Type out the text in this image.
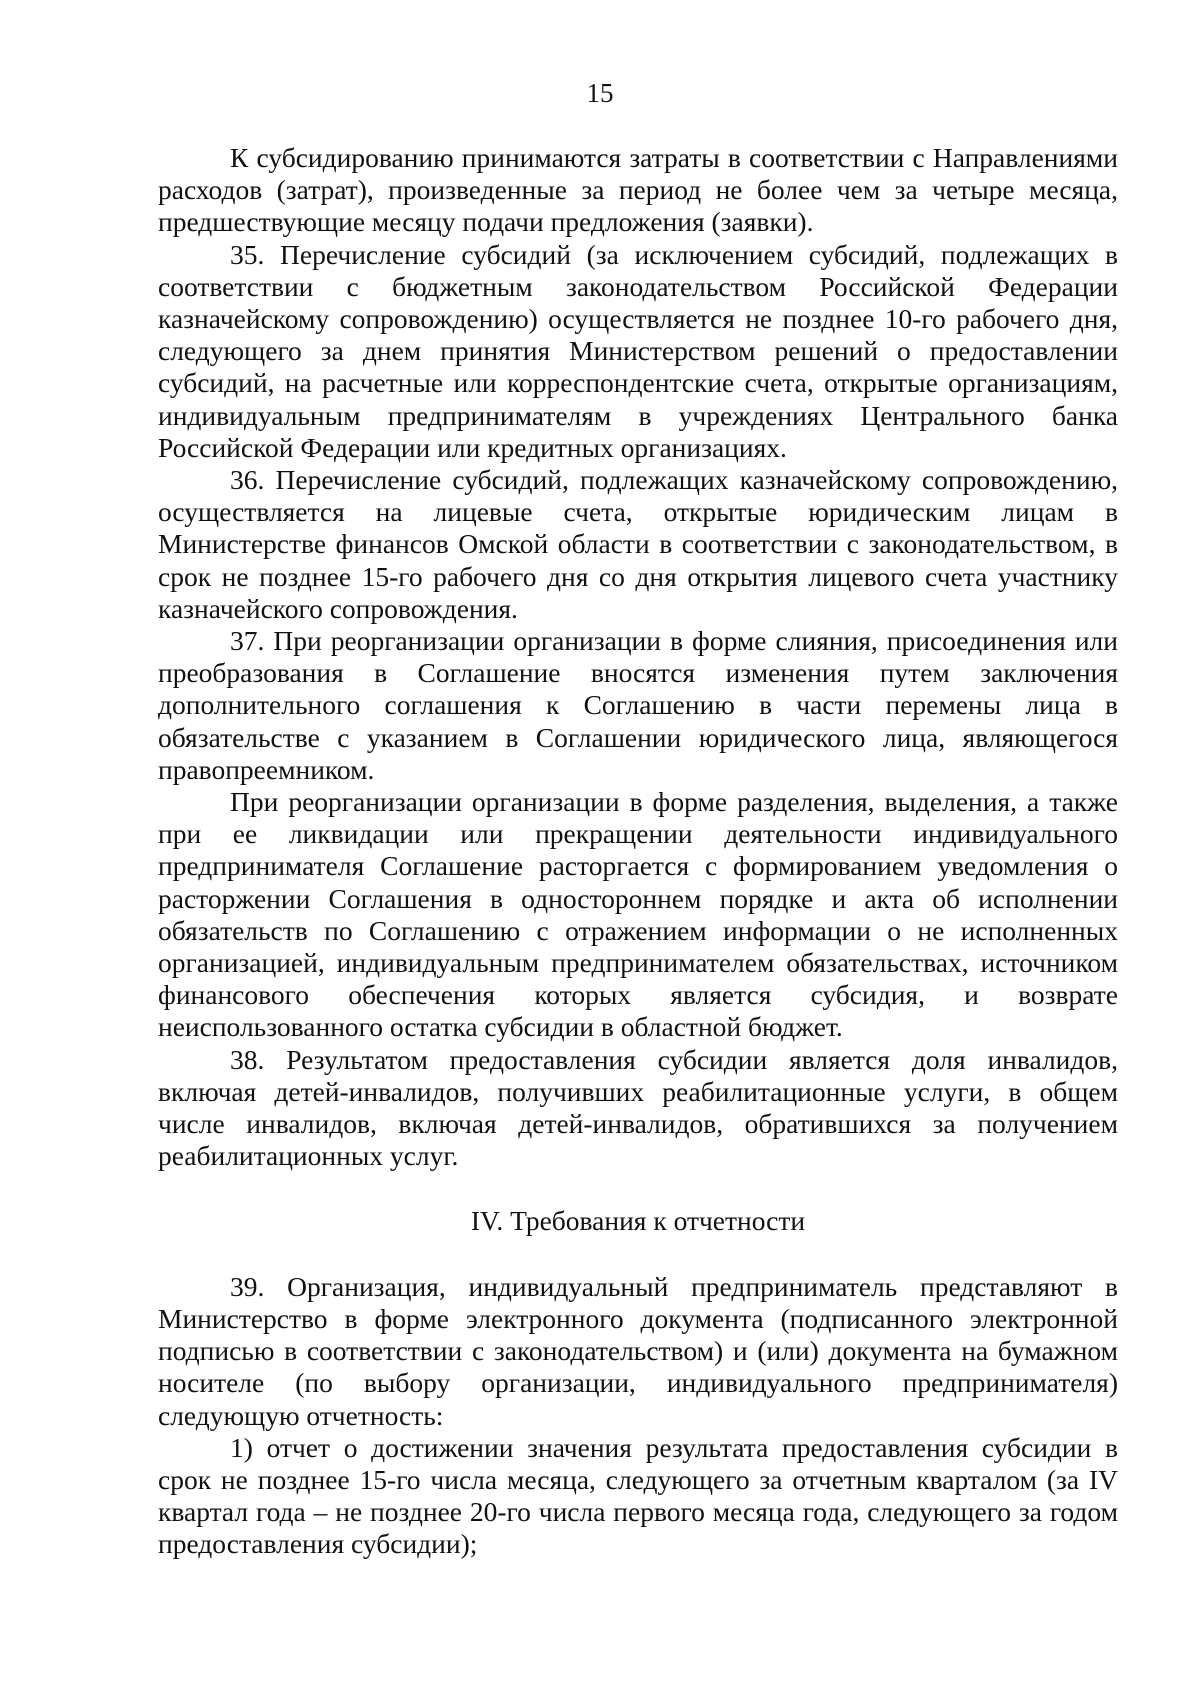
15

К субсидированию принимаются затраты в соответствии с Направлениями расходов (затрат), произведенные за период не более чем за четыре месяца, предшествующие месяцу подачи предложения (заявки).

35. Перечисление субсидий (за исключением субсидий, подлежащих в соответствии с бюджетным законодательством Российской Федерации казначейскому сопровождению) осуществляется не позднее 10-го рабочего дня, следующего за днем принятия Министерством решений о предоставлении субсидий, на расчетные или корреспондентские счета, открытые организациям, индивидуальным предпринимателям в учреждениях Центрального банка Российской Федерации или кредитных организациях.

36. Перечисление субсидий, подлежащих казначейскому сопровождению, осуществляется на лицевые счета, открытые юридическим лицам в Министерстве финансов Омской области в соответствии с законодательством, в срок не позднее 15-го рабочего дня со дня открытия лицевого счета участнику казначейского сопровождения.

37. При реорганизации организации в форме слияния, присоединения или преобразования в Соглашение вносятся изменения путем заключения дополнительного соглашения к Соглашению в части перемены лица в обязательстве с указанием в Соглашении юридического лица, являющегося правопреемником.

При реорганизации организации в форме разделения, выделения, а также при ее ликвидации или прекращении деятельности индивидуального предпринимателя Соглашение расторгается с формированием уведомления о расторжении Соглашения в одностороннем порядке и акта об исполнении обязательств по Соглашению с отражением информации о не исполненных организацией, индивидуальным предпринимателем обязательствах, источником финансового обеспечения которых является субсидия, и возврате неиспользованного остатка субсидии в областной бюджет.

38. Результатом предоставления субсидии является доля инвалидов, включая детей-инвалидов, получивших реабилитационные услуги, в общем числе инвалидов, включая детей-инвалидов, обратившихся за получением реабилитационных услуг.

IV. Требования к отчетности

39. Организация, индивидуальный предприниматель представляют в Министерство в форме электронного документа (подписанного электронной подписью в соответствии с законодательством) и (или) документа на бумажном носителе (по выбору организации, индивидуального предпринимателя) следующую отчетность:

1) отчет о достижении значения результата предоставления субсидии в срок не позднее 15-го числа месяца, следующего за отчетным кварталом (за IV квартал года – не позднее 20-го числа первого месяца года, следующего за годом предоставления субсидии);
